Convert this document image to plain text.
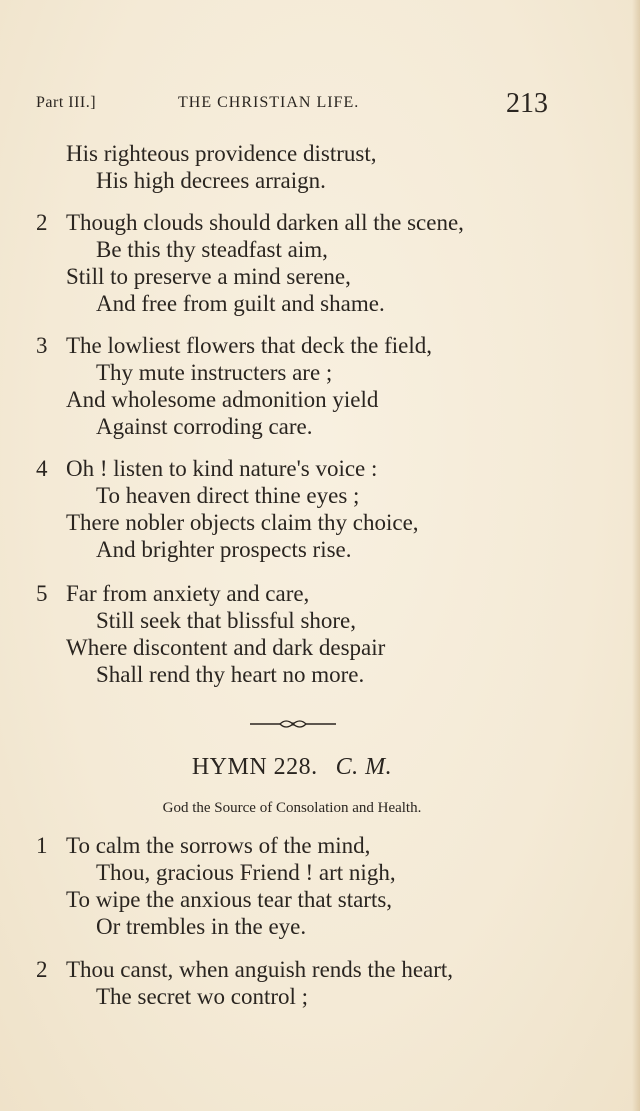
Part III.]	THE CHRISTIAN LIFE.	213
His righteous providence distrust,
His high decrees arraign.
2 Though clouds should darken all the scene,
Be this thy steadfast aim,
Still to preserve a mind serene,
And free from guilt and shame.
3 The lowliest flowers that deck the field,
Thy mute instructers are ;
And wholesome admonition yield
Against corroding care.
4 Oh ! listen to kind nature's voice :
To heaven direct thine eyes ;
There nobler objects claim thy choice,
And brighter prospects rise.
5 Far from anxiety and care,
Still seek that blissful shore,
Where discontent and dark despair
Shall rend thy heart no more.
HYMN 228. C. M.
God the Source of Consolation and Health.
1 To calm the sorrows of the mind,
Thou, gracious Friend ! art nigh,
To wipe the anxious tear that starts,
Or trembles in the eye.
2 Thou canst, when anguish rends the heart,
The secret wo control ;
